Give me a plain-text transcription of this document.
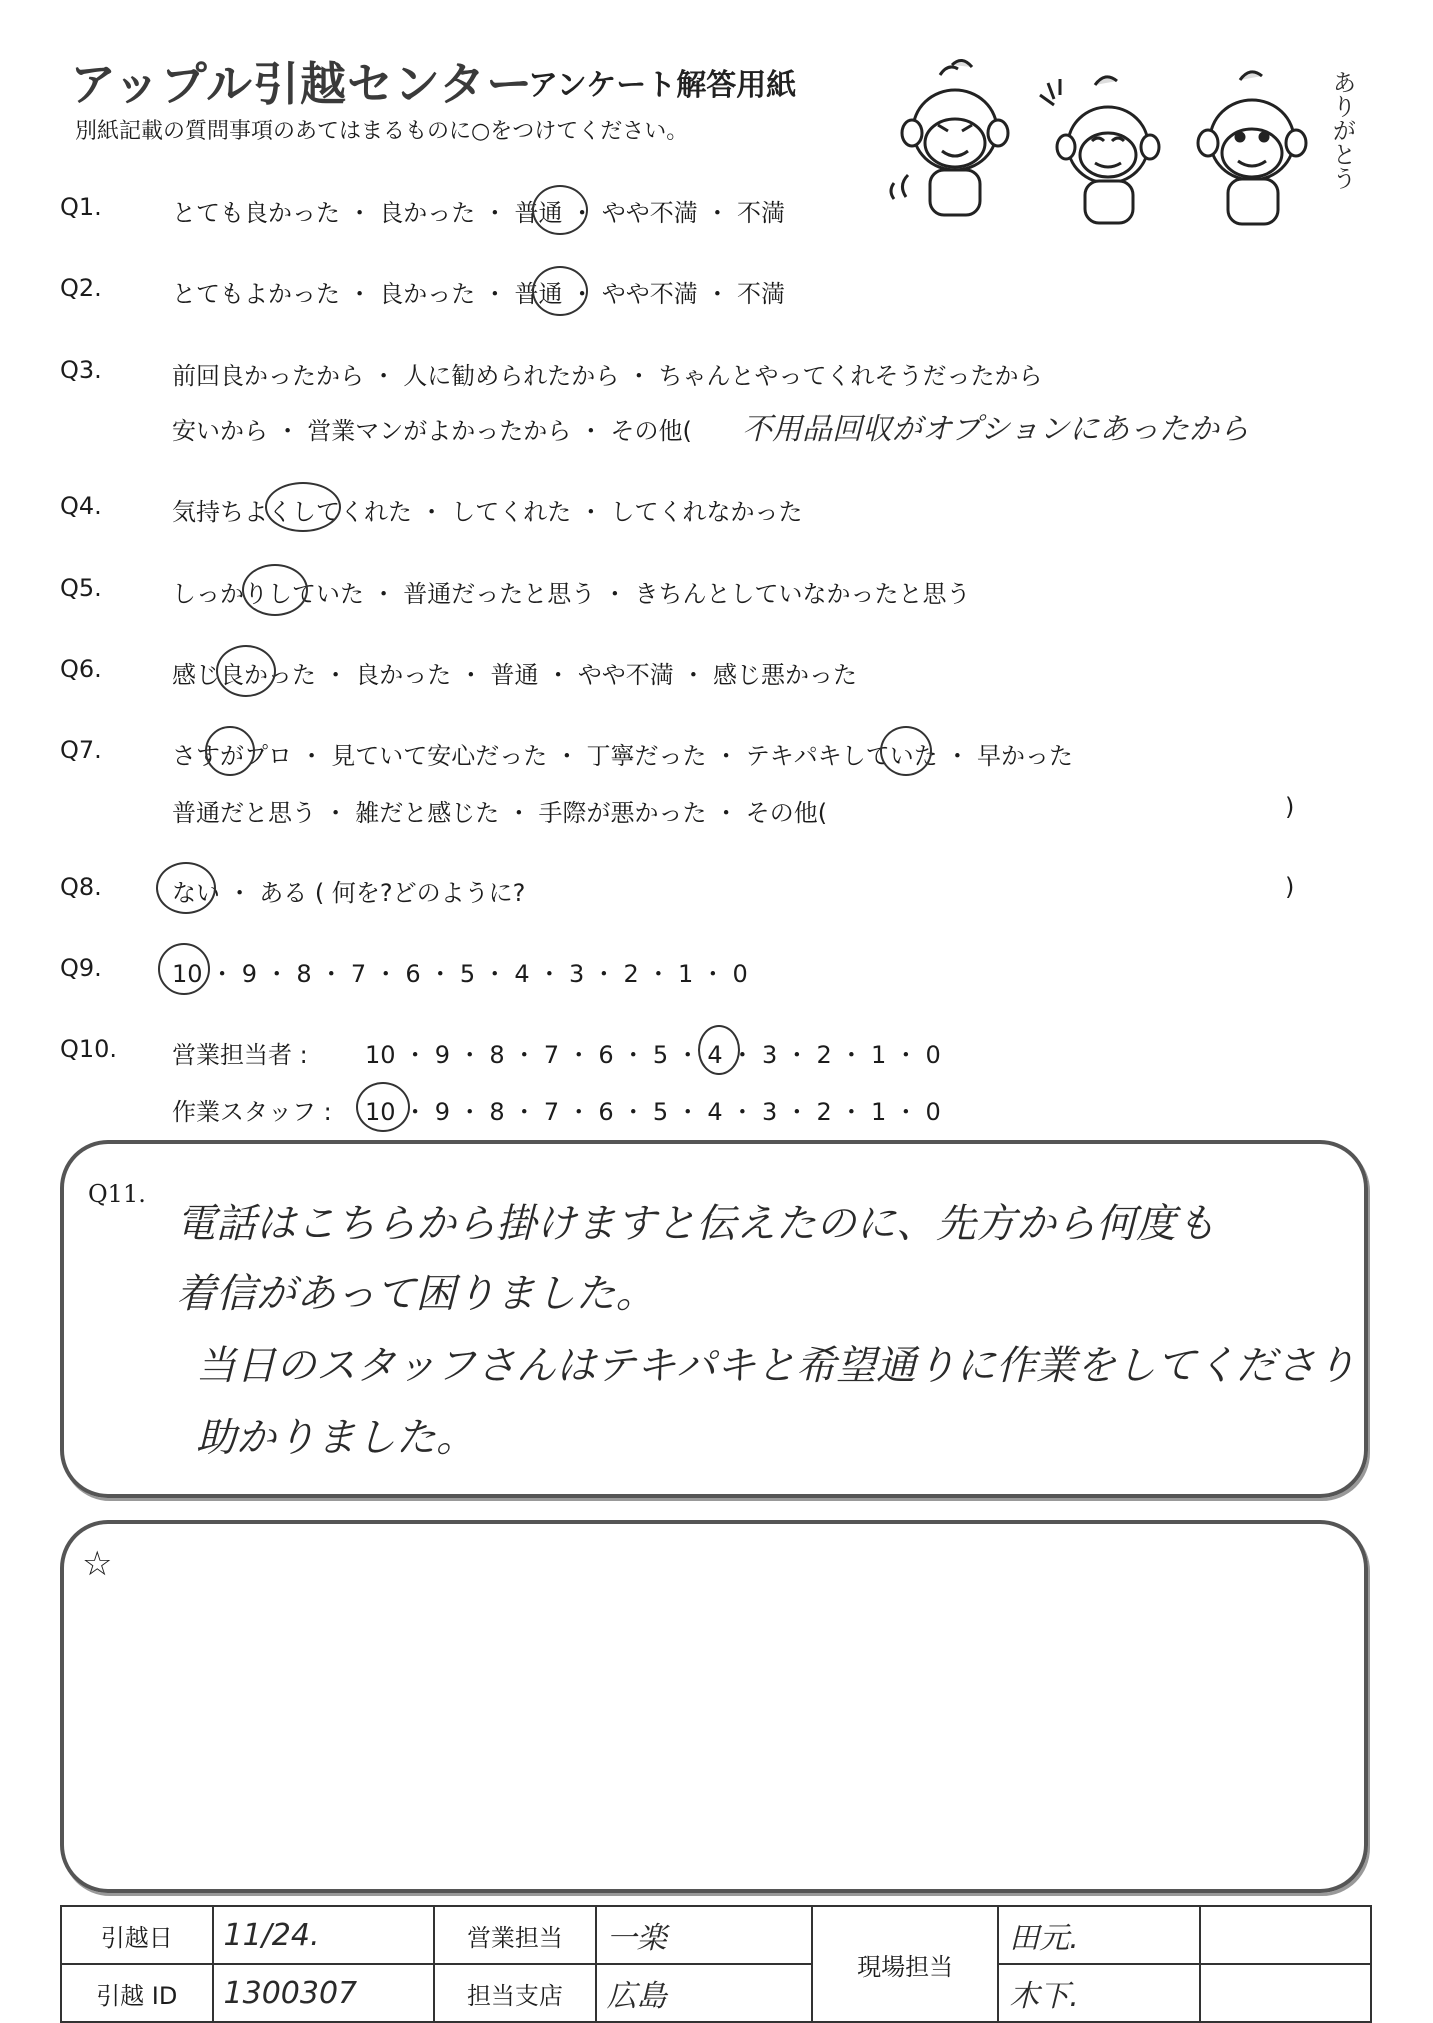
アップル引越センター
アンケート解答用紙
別紙記載の質問事項のあてはまるものに○をつけてください。	ありがとう
Q1.	とても良かった ・ 良かった ・ 普通 ・ やや不満 ・ 不満
Q2.	とてもよかった ・ 良かった ・ 普通 ・ やや不満 ・ 不満
Q3.	前回良かったから ・ 人に勧められたから ・ ちゃんとやってくれそうだったから
安いから ・ 営業マンがよかったから ・ その他( 不用品回収がオプションにあったから
Q4.	気持ちよくしてくれた ・ してくれた ・ してくれなかった
Q5.	しっかりしていた ・ 普通だったと思う ・ きちんとしていなかったと思う
Q6.	感じ良かった ・ 良かった ・ 普通 ・ やや不満 ・ 感じ悪かった
Q7.	さすがプロ ・ 見ていて安心だった ・ 丁寧だった ・ テキパキしていた ・ 早かった
普通だと思う ・ 雑だと感じた ・ 手際が悪かった ・ その他(	)
Q8.	ない ・ ある ( 何を?どのように?	)
Q9.	10 ・ 9 ・ 8 ・ 7 ・ 6 ・ 5 ・ 4 ・ 3 ・ 2 ・ 1 ・ 0
Q10. 営業担当者 : 10 ・ 9 ・ 8 ・ 7 ・ 6 ・ 5 ・ 4 ・ 3 ・ 2 ・ 1 ・ 0
作業スタッフ : 10 ・ 9 ・ 8 ・ 7 ・ 6 ・ 5 ・ 4 ・ 3 ・ 2 ・ 1 ・ 0
Q11.
電話はこちらから掛けますと伝えたのに、先方から何度も
着信があって困りました。
当日のスタッフさんはテキパキと希望通りに作業をしてくださり
助かりました。
☆
引越日	11/24.	営業担当	一楽	現場担当	田元.	
引越 ID	1300307	担当支店	広島		木下.	
